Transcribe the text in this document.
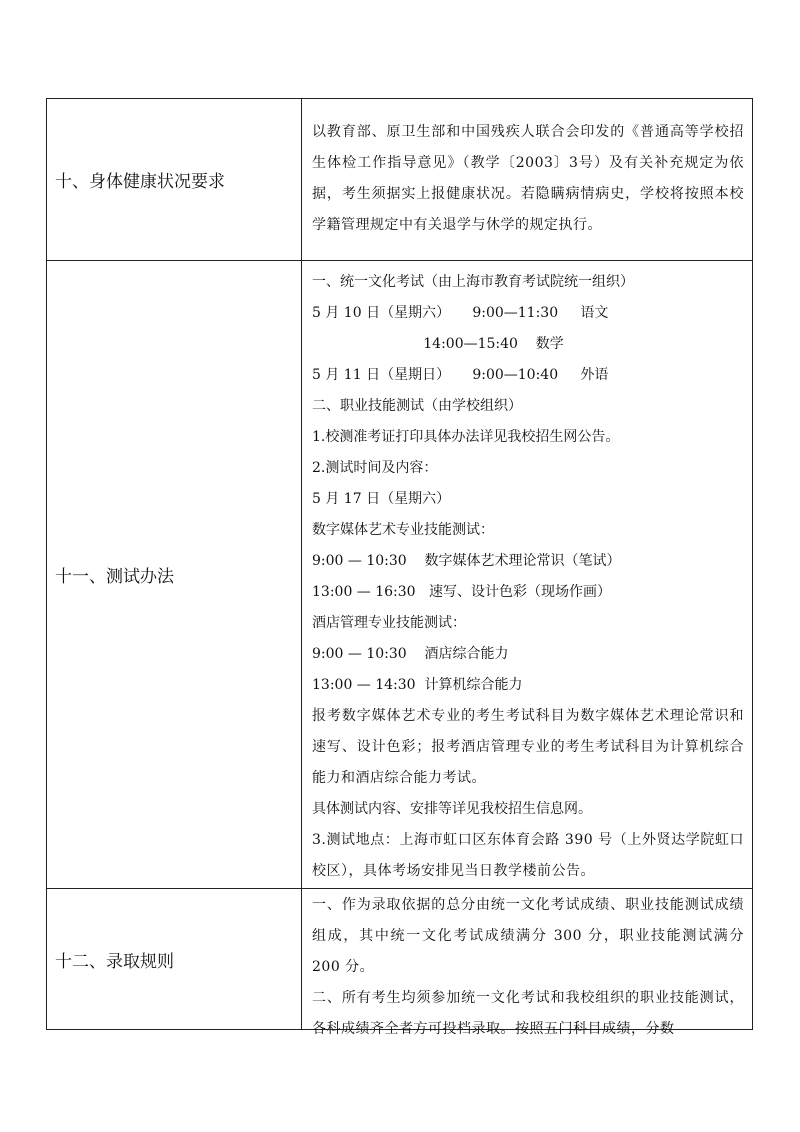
十、身体健康状况要求
以教育部、原卫生部和中国残疾人联合会印发的《普通高等学校招生体检工作指导意见》（教学〔2003〕3号）及有关补充规定为依据，考生须据实上报健康状况。若隐瞒病情病史，学校将按照本校学籍管理规定中有关退学与休学的规定执行。
十一、测试办法
一、统一文化考试（由上海市教育考试院统一组织）
5 月 10 日（星期六）     9:00—11:30     语文
14:00—15:40    数学
5 月 11 日（星期日）     9:00—10:40     外语
二、职业技能测试（由学校组织）
1.校测准考证打印具体办法详见我校招生网公告。
2.测试时间及内容：
5 月 17 日（星期六）
数字媒体艺术专业技能测试：
9:00 — 10:30    数字媒体艺术理论常识（笔试）
13:00 — 16:30   速写、设计色彩（现场作画）
酒店管理专业技能测试：
9:00 — 10:30    酒店综合能力
13:00 — 14:30  计算机综合能力
报考数字媒体艺术专业的考生考试科目为数字媒体艺术理论常识和速写、设计色彩；报考酒店管理专业的考生考试科目为计算机综合能力和酒店综合能力考试。
具体测试内容、安排等详见我校招生信息网。
3.测试地点：上海市虹口区东体育会路 390 号（上外贤达学院虹口校区），具体考场安排见当日教学楼前公告。
十二、录取规则
一、作为录取依据的总分由统一文化考试成绩、职业技能测试成绩组成，其中统一文化考试成绩满分 300 分，职业技能测试满分 200 分。
二、所有考生均须参加统一文化考试和我校组织的职业技能测试，各科成绩齐全者方可投档录取。按照五门科目成绩，分数
